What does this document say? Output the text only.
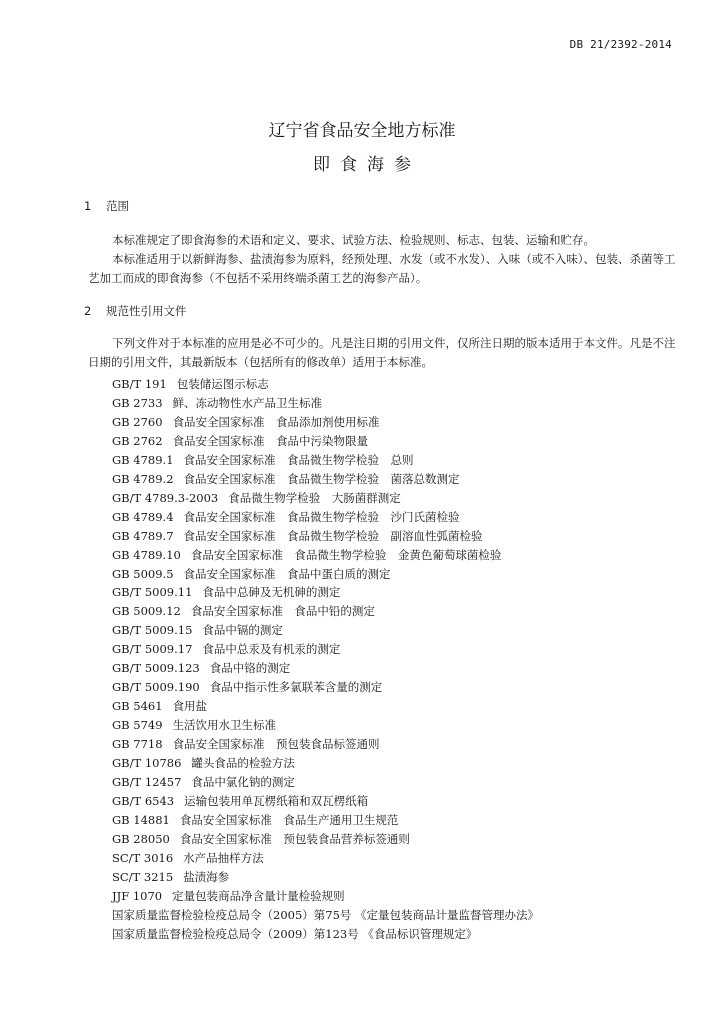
DB 21/2392-2014
辽宁省食品安全地方标准
即食海参
1 范围
本标准规定了即食海参的术语和定义、要求、试验方法、检验规则、标志、包装、运输和贮存。
本标准适用于以新鲜海参、盐渍海参为原料，经预处理、水发（或不水发）、入味（或不入味）、包装、杀菌等工艺加工而成的即食海参（不包括不采用终端杀菌工艺的海参产品）。
2 规范性引用文件
下列文件对于本标准的应用是必不可少的。凡是注日期的引用文件，仅所注日期的版本适用于本文件。凡是不注日期的引用文件，其最新版本（包括所有的修改单）适用于本标准。
GB/T 191 包装储运图示标志
GB 2733 鲜、冻动物性水产品卫生标准
GB 2760 食品安全国家标准　食品添加剂使用标准
GB 2762 食品安全国家标准　食品中污染物限量
GB 4789.1 食品安全国家标准　食品微生物学检验　总则
GB 4789.2 食品安全国家标准　食品微生物学检验　菌落总数测定
GB/T 4789.3-2003 食品微生物学检验　大肠菌群测定
GB 4789.4 食品安全国家标准　食品微生物学检验　沙门氏菌检验
GB 4789.7 食品安全国家标准　食品微生物学检验　副溶血性弧菌检验
GB 4789.10 食品安全国家标准　食品微生物学检验　金黄色葡萄球菌检验
GB 5009.5 食品安全国家标准　食品中蛋白质的测定
GB/T 5009.11 食品中总砷及无机砷的测定
GB 5009.12 食品安全国家标准　食品中铅的测定
GB/T 5009.15 食品中镉的测定
GB/T 5009.17 食品中总汞及有机汞的测定
GB/T 5009.123 食品中铬的测定
GB/T 5009.190 食品中指示性多氯联苯含量的测定
GB 5461 食用盐
GB 5749 生活饮用水卫生标准
GB 7718 食品安全国家标准　预包装食品标签通则
GB/T 10786 罐头食品的检验方法
GB/T 12457 食品中氯化钠的测定
GB/T 6543 运输包装用单瓦楞纸箱和双瓦楞纸箱
GB 14881 食品安全国家标准　食品生产通用卫生规范
GB 28050 食品安全国家标准　预包装食品营养标签通则
SC/T 3016 水产品抽样方法
SC/T 3215 盐渍海参
JJF 1070 定量包装商品净含量计量检验规则
国家质量监督检验检疫总局令（2005）第75号 《定量包装商品计量监督管理办法》
国家质量监督检验检疫总局令（2009）第123号 《食品标识管理规定》
